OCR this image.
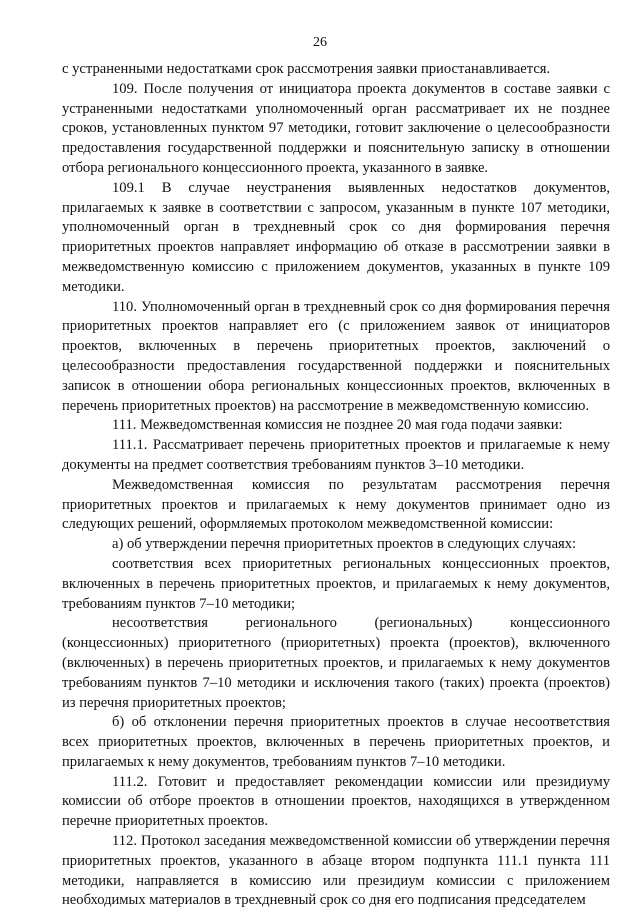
26

с устраненными недостатками срок рассмотрения заявки приостанавливается.

109. После получения от инициатора проекта документов в составе заявки с устраненными недостатками уполномоченный орган рассматривает их не позднее сроков, установленных пунктом 97 методики, готовит заключение о целесообразности предоставления государственной поддержки и пояснительную записку в отношении отбора регионального концессионного проекта, указанного в заявке.

109.1 В случае неустранения выявленных недостатков документов, прилагаемых к заявке в соответствии с запросом, указанным в пункте 107 методики, уполномоченный орган в трехдневный срок со дня формирования перечня приоритетных проектов направляет информацию об отказе в рассмотрении заявки в межведомственную комиссию с приложением документов, указанных в пункте 109 методики.

110. Уполномоченный орган в трехдневный срок со дня формирования перечня приоритетных проектов направляет его (с приложением заявок от инициаторов проектов, включенных в перечень приоритетных проектов, заключений о целесообразности предоставления государственной поддержки и пояснительных записок в отношении обора региональных концессионных проектов, включенных в перечень приоритетных проектов) на рассмотрение в межведомственную комиссию.

111. Межведомственная комиссия не позднее 20 мая года подачи заявки:

111.1. Рассматривает перечень приоритетных проектов и прилагаемые к нему документы на предмет соответствия требованиям пунктов 3–10 методики.

Межведомственная комиссия по результатам рассмотрения перечня приоритетных проектов и прилагаемых к нему документов принимает одно из следующих решений, оформляемых протоколом межведомственной комиссии:

а) об утверждении перечня приоритетных проектов в следующих случаях:

соответствия всех приоритетных региональных концессионных проектов, включенных в перечень приоритетных проектов, и прилагаемых к нему документов, требованиям пунктов 7–10 методики;

несоответствия регионального (региональных) концессионного (концессионных) приоритетного (приоритетных) проекта (проектов), включенного (включенных) в перечень приоритетных проектов, и прилагаемых к нему документов требованиям пунктов 7–10 методики и исключения такого (таких) проекта (проектов) из перечня приоритетных проектов;

б) об отклонении перечня приоритетных проектов в случае несоответствия всех приоритетных проектов, включенных в перечень приоритетных проектов, и прилагаемых к нему документов, требованиям пунктов 7–10 методики.

111.2. Готовит и предоставляет рекомендации комиссии или президиуму комиссии об отборе проектов в отношении проектов, находящихся в утвержденном перечне приоритетных проектов.

112. Протокол заседания межведомственной комиссии об утверждении перечня приоритетных проектов, указанного в абзаце втором подпункта 111.1 пункта 111 методики, направляется в комиссию или президиум комиссии с приложением необходимых материалов в трехдневный срок со дня его подписания председателем
